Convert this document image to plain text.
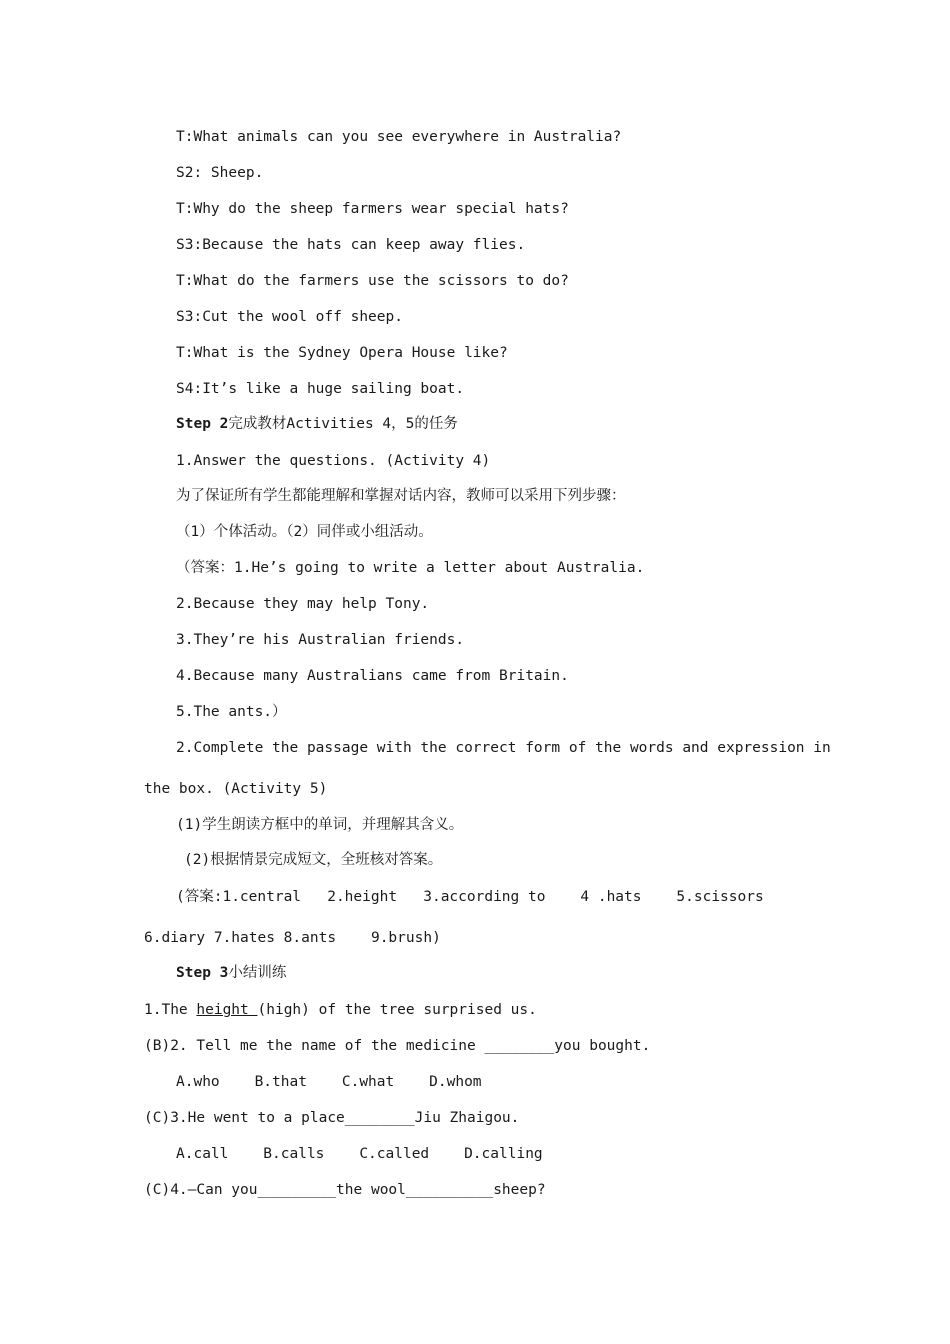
T:What animals can you see everywhere in Australia?

S2: Sheep.

T:Why do the sheep farmers wear special hats?

S3:Because the hats can keep away flies.

T:What do the farmers use the scissors to do?

S3:Cut the wool off sheep.

T:What is the Sydney Opera House like?

S4:It’s like a huge sailing boat.

Step 2完成教材Activities 4，5的任务

1.Answer the questions. (Activity 4)

为了保证所有学生都能理解和掌握对话内容，教师可以采用下列步骤：

（1）个体活动。（2）同伴或小组活动。

（答案：1.He’s going to write a letter about Australia.

2.Because they may help Tony.

3.They’re his Australian friends.

4.Because many Australians came from Britain.

5.The ants.）

2.Complete the passage with the correct form of the words and expression in

the box. (Activity 5)

(1)学生朗读方框中的单词，并理解其含义。

(2)根据情景完成短文，全班核对答案。

(答案:1.central   2.height   3.according to    4 .hats    5.scissors

6.diary 7.hates 8.ants    9.brush)

Step 3小结训练

1.The height (high) of the tree surprised us.

(B)2. Tell me the name of the medicine ________you bought.

A.who    B.that    C.what    D.whom

(C)3.He went to a place________Jiu Zhaigou.

A.call    B.calls    C.called    D.calling

(C)4.—Can you_________the wool__________sheep?
